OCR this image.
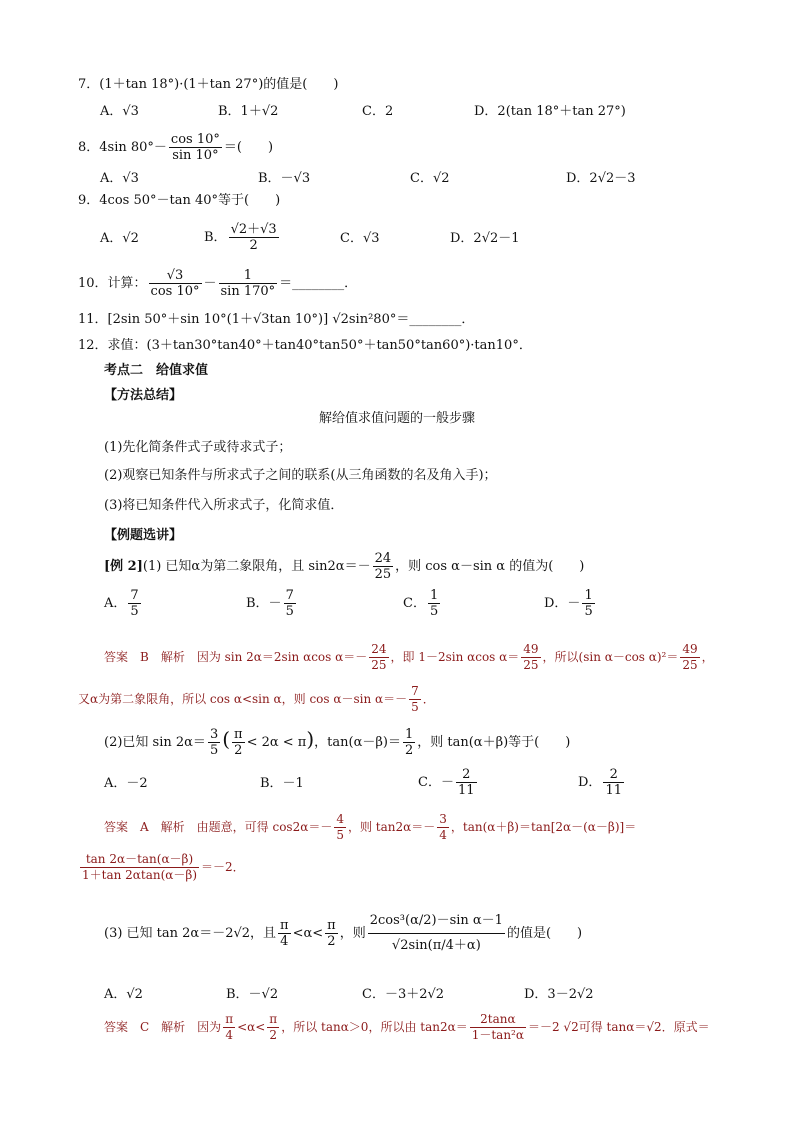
7．(1＋tan 18°)·(1＋tan 27°)的值是(　　)
A．√3	B．1＋√2	C．2	D．2(tan 18°＋tan 27°)
8．4sin $80^\circ- \frac{\cos 10^\circ}{\sin 10^\circ}$ ＝(　　)
A．√3	B．－√3	C．√2	D．2√2－3
9．4cos 50°－tan 40°等于(　　)
A．√2	B． $\frac{√2+√3}{2}$	C．√3	D．2√2－1
10．计算： $\frac{√3}{\cos 10^\circ} - \frac{1}{\sin 170^\circ}$ ＝________．
11．[2sin 50°＋sin 10°(1＋√3tan 10°)] √2sin²80°＝________．
12．求值：(3＋tan30°tan40°＋tan40°tan50°＋tan50°tan60°)·tan10°．
考点二　给值求值
【方法总结】
解给值求值问题的一般步骤
(1)先化简条件式子或待求式子；
(2)观察已知条件与所求式子之间的联系(从三角函数的名及角入手)；
(3)将已知条件代入所求式子，化简求值．
【例题选讲】
[例 2](1) 已知α为第二象限角，且 $\sin 2\alpha=- \frac{24}{25}$ ，则 cos α－sin α 的值为(　　)
A． $\frac{7}{5}$	B．－ $\frac{7}{5}$	C． $\frac{1}{5}$	D．－ $\frac{1}{5}$
答案　B　解析　因为 sin 2α＝2sin αcos $\alpha=- \frac{24}{25}$ ，即 1－2sin αcos $\alpha= \frac{49}{25}$ ，所以(sin α－cos $\alpha)^2= \frac{49}{25}$ ，
又α为第二象限角，所以 cos α<sin α，则 cos α－sin $\alpha=- \frac{7}{5}$ ．
(2)已知 $\sin 2\alpha= \frac{3}{5}$ ( $\frac{\pi}{2} < 2\alpha < \pi$)，$\tan(\alpha-\beta)= \frac{1}{2}$ ，则 tan(α＋β)等于(　　)
A．－2	B．－1	C．－ $\frac{2}{11}$	D． $\frac{2}{11}$
答案　A　解析　由题意，可得 $\cos 2\alpha=- \frac{4}{5}$ ，则 $\tan 2\alpha=- \frac{3}{4}$ ，tan(α＋β)＝tan[2α－(α－β)]＝
$\frac{\tan 2\alpha-\tan(\alpha-\beta)}{1+\tan 2\alpha\tan(\alpha-\beta)} =-2$．
(3) 已知 tan 2α＝－2√2，且 $\frac{\pi}{4} <\alpha< \frac{\pi}{2}$ ，则 $\frac{\text{2cos³(α/2)－sin α－1}}{√2\sin(\pi/4+\alpha)}$ 的值是(　　)
A．√2	B．－√2	C．－3＋2√2	D．3－2√2
答案　C　解析　因为 $\frac{\pi}{4} <\alpha< \frac{\pi}{2}$ ，所以 tanα＞0，所以由 $\tan 2\alpha= \frac{2\tan\alpha}{\text{1－tan²α}} =-2$ √2可得 tanα＝√2．原式＝
